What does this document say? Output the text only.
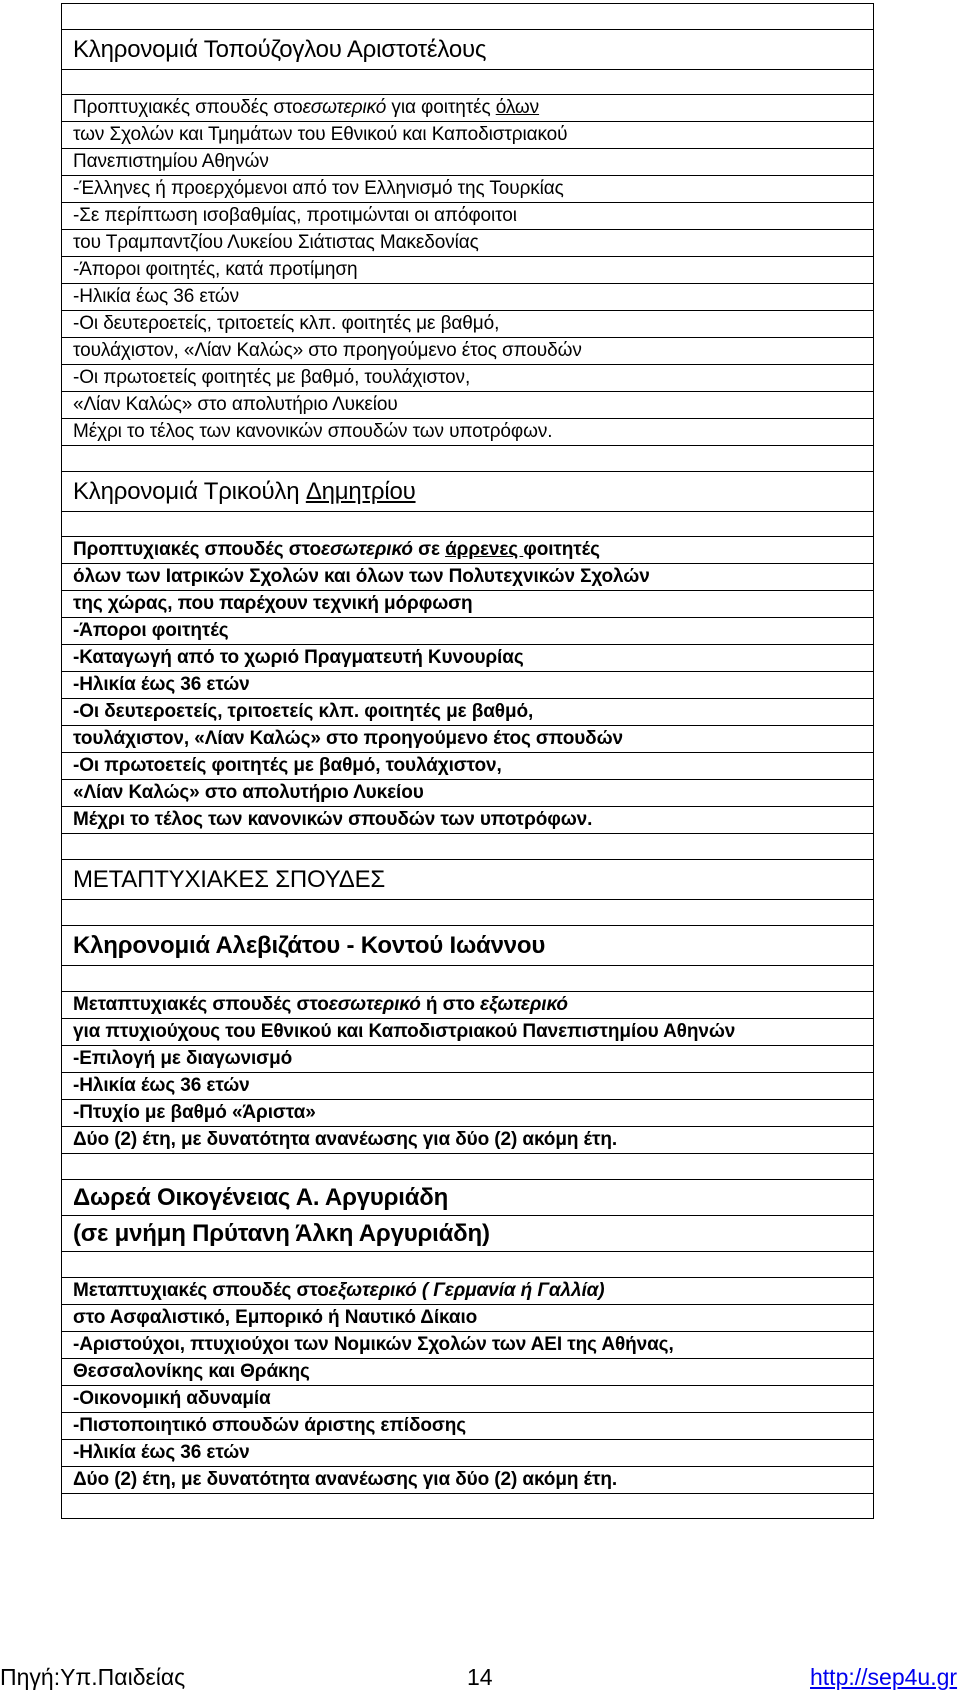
Κληρονομιά Τοπούζογλου Αριστοτέλους
Προπτυχιακές σπουδές στο εσωτερικό για φοιτητές όλων
των Σχολών και Τμημάτων του Εθνικού και Καποδιστριακού
Πανεπιστημίου Αθηνών
-Έλληνες ή προερχόμενοι από τον Ελληνισμό της Τουρκίας
-Σε περίπτωση ισοβαθμίας, προτιμώνται οι απόφοιτοι
του Τραμπαντζίου Λυκείου Σιάτιστας Μακεδονίας
-Άποροι φοιτητές, κατά προτίμηση
-Ηλικία έως 36 ετών
-Οι δευτεροετείς, τριτοετείς κλπ. φοιτητές με βαθμό,
τουλάχιστον, «Λίαν Καλώς» στο προηγούμενο έτος σπουδών
-Οι πρωτοετείς φοιτητές με βαθμό, τουλάχιστον,
«Λίαν Καλώς» στο απολυτήριο Λυκείου
Μέχρι το τέλος των κανονικών σπουδών των υποτρόφων.
Κληρονομιά Τρικούλη Δημητρίου
Προπτυχιακές σπουδές στο εσωτερικό σε άρρενες φοιτητές
όλων των Ιατρικών Σχολών και όλων των Πολυτεχνικών Σχολών
της χώρας, που παρέχουν τεχνική μόρφωση
-Άποροι φοιτητές
-Καταγωγή από το χωριό Πραγματευτή Κυνουρίας
-Ηλικία έως 36 ετών
-Οι δευτεροετείς, τριτοετείς κλπ. φοιτητές με βαθμό,
τουλάχιστον, «Λίαν Καλώς» στο προηγούμενο έτος σπουδών
-Οι πρωτοετείς φοιτητές με βαθμό, τουλάχιστον,
«Λίαν Καλώς» στο απολυτήριο Λυκείου
Μέχρι το τέλος των κανονικών σπουδών των υποτρόφων.
ΜΕΤΑΠΤΥΧΙΑΚΕΣ ΣΠΟΥΔΕΣ
Κληρονομιά Αλεβιζάτου - Κοντού Ιωάννου
Μεταπτυχιακές σπουδές στο εσωτερικό ή στο εξωτερικό
για πτυχιούχους του Εθνικού και Καποδιστριακού Πανεπιστημίου Αθηνών
-Επιλογή με διαγωνισμό
-Ηλικία έως 36 ετών
-Πτυχίο με βαθμό «Άριστα»
Δύο (2) έτη, με δυνατότητα ανανέωσης για δύο (2) ακόμη έτη.
Δωρεά Οικογένειας Α. Αργυριάδη
(σε μνήμη Πρύτανη Άλκη Αργυριάδη)
Μεταπτυχιακές σπουδές στο εξωτερικό ( Γερμανία ή Γαλλία)
στο Ασφαλιστικό, Εμπορικό ή Ναυτικό Δίκαιο
-Αριστούχοι, πτυχιούχοι των Νομικών Σχολών των ΑΕΙ της Αθήνας,
Θεσσαλονίκης και Θράκης
-Οικονομική αδυναμία
-Πιστοποιητικό σπουδών άριστης επίδοσης
-Ηλικία έως 36 ετών
Δύο (2) έτη, με δυνατότητα ανανέωσης για δύο (2) ακόμη έτη.
Πηγή:Υπ.Παιδείας	14	http://sep4u.gr
